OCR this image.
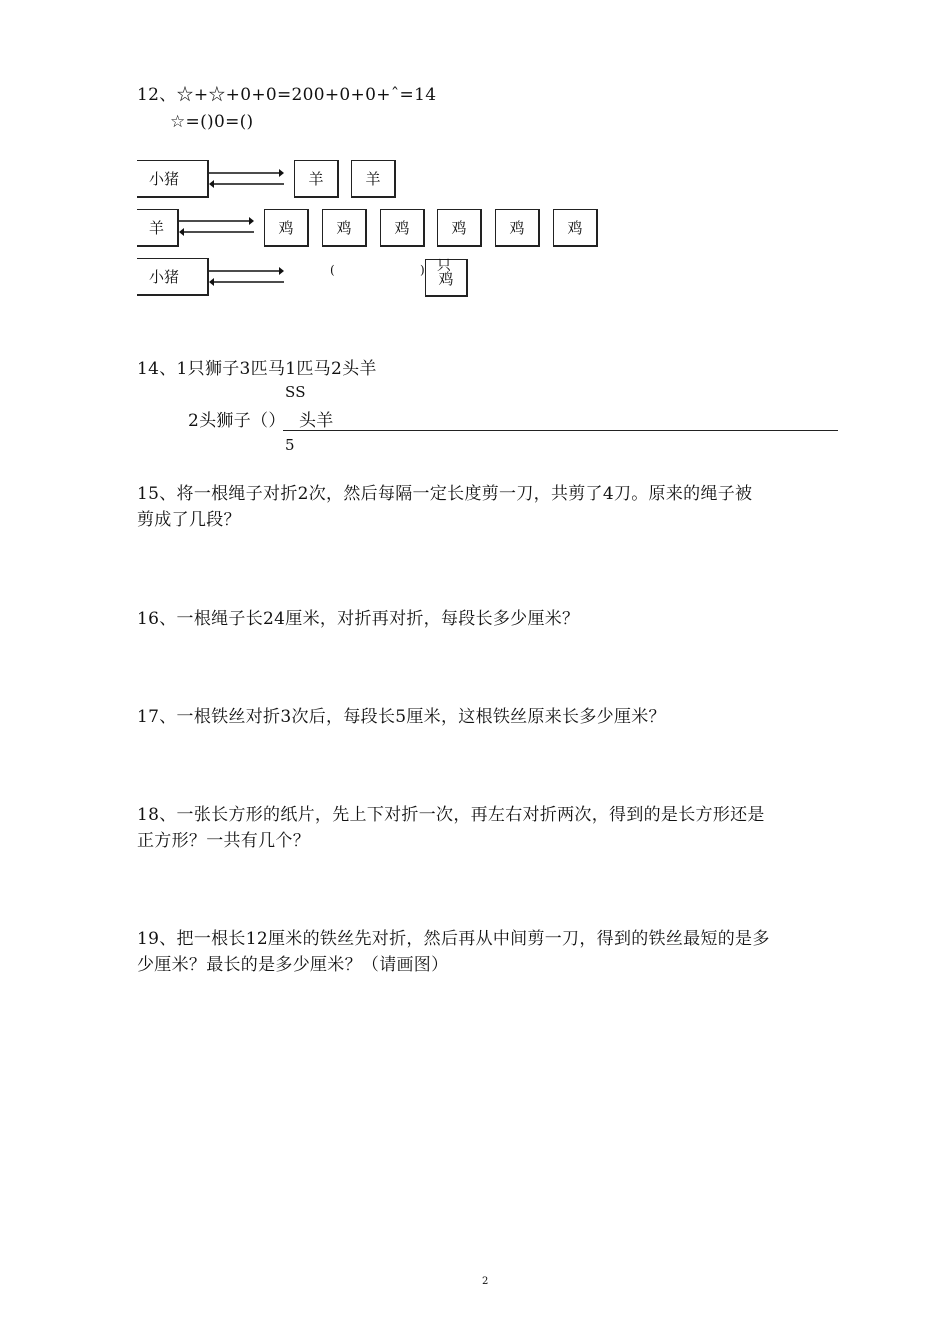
12、☆+☆+0+0=200+0+0+ˆ=14
☆=()0=()
小猪	羊	羊
羊	鸡	鸡	鸡	鸡	鸡	鸡
小猪	(	) 鸡
只
14、1只狮子3匹马1匹马2头羊
SS
2头狮子（） 头羊
5
15、将一根绳子对折2次，然后每隔一定长度剪一刀，共剪了4刀。原来的绳子被
剪成了几段？
16、一根绳子长24厘米，对折再对折，每段长多少厘米？
17、一根铁丝对折3次后，每段长5厘米，这根铁丝原来长多少厘米？
18、一张长方形的纸片，先上下对折一次，再左右对折两次，得到的是长方形还是
正方形？一共有几个？
19、把一根长12厘米的铁丝先对折，然后再从中间剪一刀，得到的铁丝最短的是多
少厘米？最长的是多少厘米？（请画图）
2
